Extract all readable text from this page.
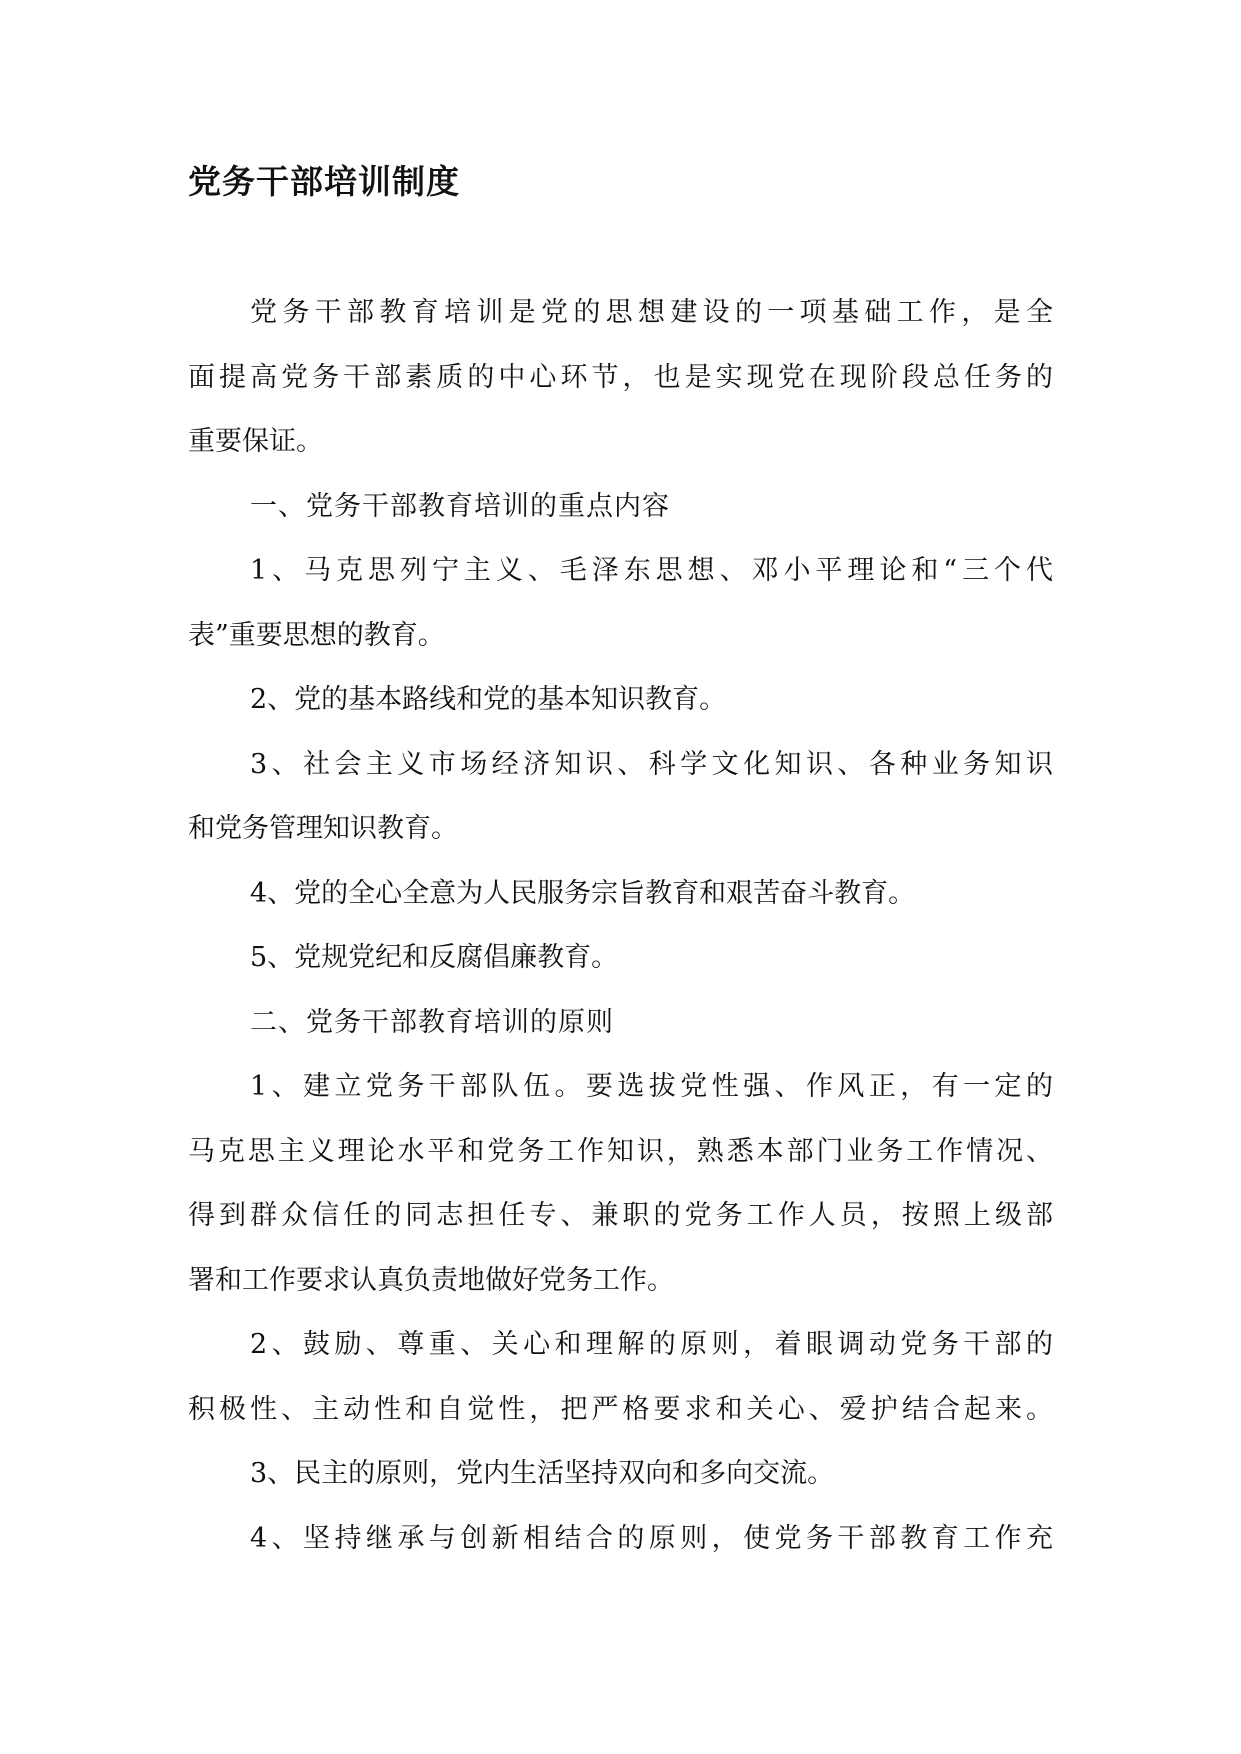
党务干部培训制度
党务干部教育培训是党的思想建设的一项基础工作，是全
面提高党务干部素质的中心环节，也是实现党在现阶段总任务的
重要保证。
一、党务干部教育培训的重点内容
1、马克思列宁主义、毛泽东思想、邓小平理论和“三个代
表”重要思想的教育。
2、党的基本路线和党的基本知识教育。
3、社会主义市场经济知识、科学文化知识、各种业务知识
和党务管理知识教育。
4、党的全心全意为人民服务宗旨教育和艰苦奋斗教育。
5、党规党纪和反腐倡廉教育。
二、党务干部教育培训的原则
1、建立党务干部队伍。要选拔党性强、作风正，有一定的
马克思主义理论水平和党务工作知识，熟悉本部门业务工作情况、
得到群众信任的同志担任专、兼职的党务工作人员，按照上级部
署和工作要求认真负责地做好党务工作。
2、鼓励、尊重、关心和理解的原则，着眼调动党务干部的
积极性、主动性和自觉性，把严格要求和关心、爱护结合起来。
3、民主的原则，党内生活坚持双向和多向交流。
4、坚持继承与创新相结合的原则，使党务干部教育工作充
